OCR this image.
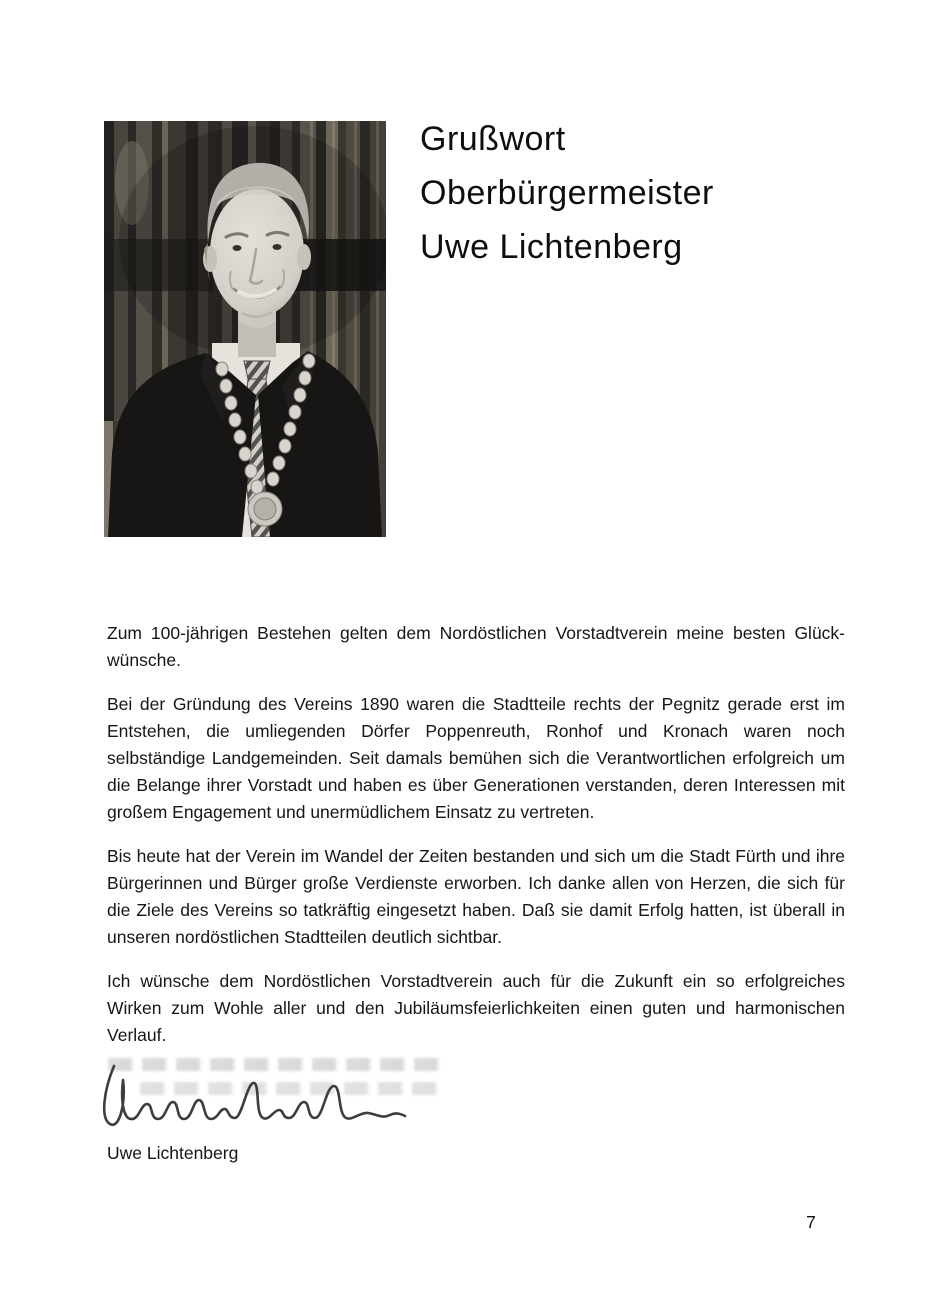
Grußwort
Oberbürgermeister
Uwe Lichtenberg

Zum 100-jährigen Bestehen gelten dem Nordöstlichen Vorstadtverein meine besten Glückwünsche.

Bei der Gründung des Vereins 1890 waren die Stadtteile rechts der Pegnitz gerade erst im Entstehen, die umliegenden Dörfer Poppenreuth, Ronhof und Kronach waren noch selbständige Landgemeinden. Seit damals bemühen sich die Verantwortlichen erfolgreich um die Belange ihrer Vorstadt und haben es über Generationen verstanden, deren Interessen mit großem Engagement und unermüdlichem Einsatz zu vertreten.

Bis heute hat der Verein im Wandel der Zeiten bestanden und sich um die Stadt Fürth und ihre Bürgerinnen und Bürger große Verdienste erworben. Ich danke allen von Herzen, die sich für die Ziele des Vereins so tatkräftig eingesetzt haben. Daß sie damit Erfolg hatten, ist überall in unseren nordöstlichen Stadtteilen deutlich sichtbar.

Ich wünsche dem Nordöstlichen Vorstadtverein auch für die Zukunft ein so erfolgreiches Wirken zum Wohle aller und den Jubiläumsfeierlichkeiten einen guten und harmonischen Verlauf.

Uwe Lichtenberg
7
